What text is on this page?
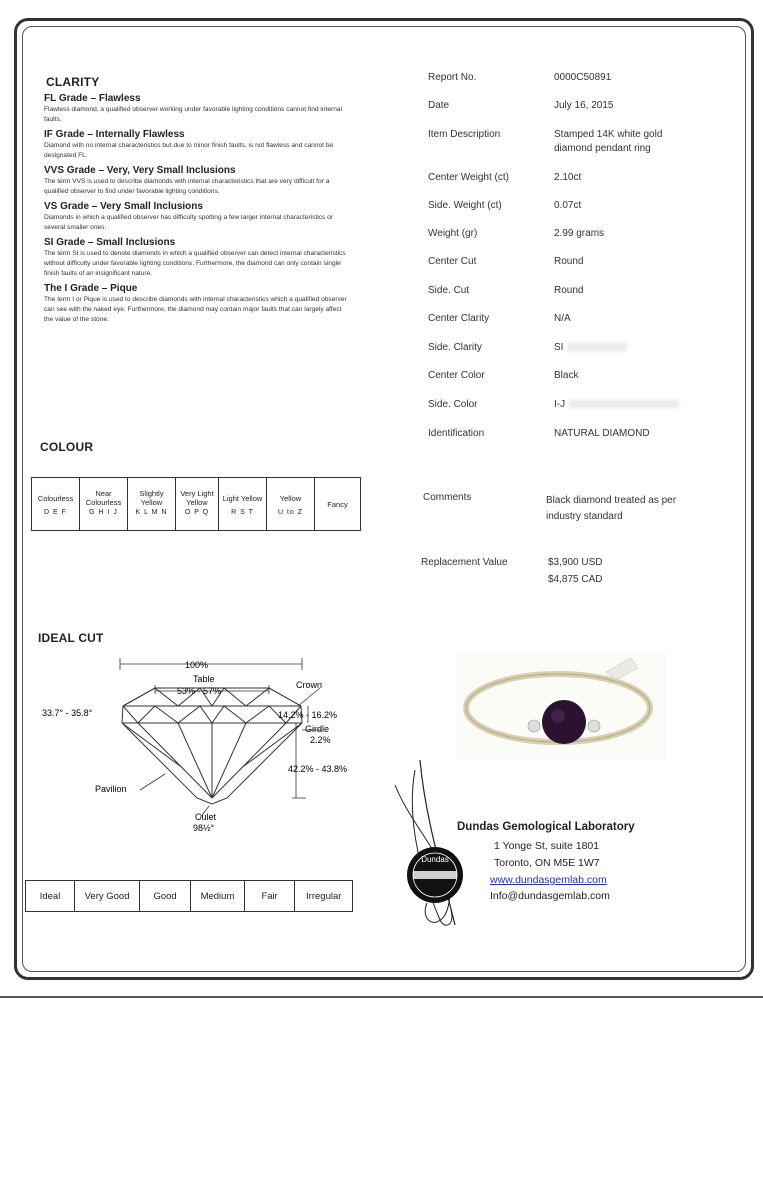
CLARITY
FL Grade – Flawless
Flawless diamond, a qualified observer working under favorable lighting conditions cannot find internal faults.
IF Grade – Internally Flawless
Diamond with no internal characteristics but due to minor finish faults, is not flawless and cannot be designated FL.
VVS Grade – Very, Very Small Inclusions
The term VVS is used to describe diamonds with internal characteristics that are very difficult for a qualified observer to find under favorable lighting conditions.
VS Grade – Very Small Inclusions
Diamonds in which a qualified observer has difficulty spotting a few larger internal characteristics or several smaller ones.
SI Grade – Small Inclusions
The term SI is used to denote diamonds in which a qualified observer can detect internal characteristics without difficulty under favorable lighting conditions. Furthermore, the diamond can only contain single finish faults of an insignificant nature.
The I Grade – Pique
The term I or Pique is used to describe diamonds with internal characteristics which a qualified observer can see with the naked eye. Furthermore, the diamond may contain major faults that can largely affect the value of the stone.
COLOUR
Colourless
D E F

Near Colourless
G H I J

Slightly Yellow
K L M N

Very Light Yellow
O P Q

Light Yellow
R S T

Yellow
U to Z
	Fancy
IDEAL CUT
100%
Table
53% - 57%
Crown
33.7° - 35.8°	14.2% - 16.2%
Girdle
2.2%
42.2% - 43.8%
Pavilion
Culet
98½°
Ideal	Very Good	Good	Medium	Fair	Irregular
Report No.	0000C50891
Date	July 16, 2015
Item Description	Stamped 14K white gold diamond pendant ring
Center Weight (ct)	2.10ct
Side. Weight (ct)	0.07ct
Weight (gr)	2.99 grams
Center Cut	Round
Side. Cut	Round
Center Clarity	N/A
Side. Clarity	SI
Center Color	Black
Side. Color	I-J
Identification	NATURAL DIAMOND
Comments	Black diamond treated as per industry standard
Replacement Value	$3,900 USD
$4,875 CAD
Dundas
Dundas Gemological Laboratory
1 Yonge St, suite 1801
Toronto, ON M5E 1W7
www.dundasgemlab.com
Info@dundasgemlab.com
